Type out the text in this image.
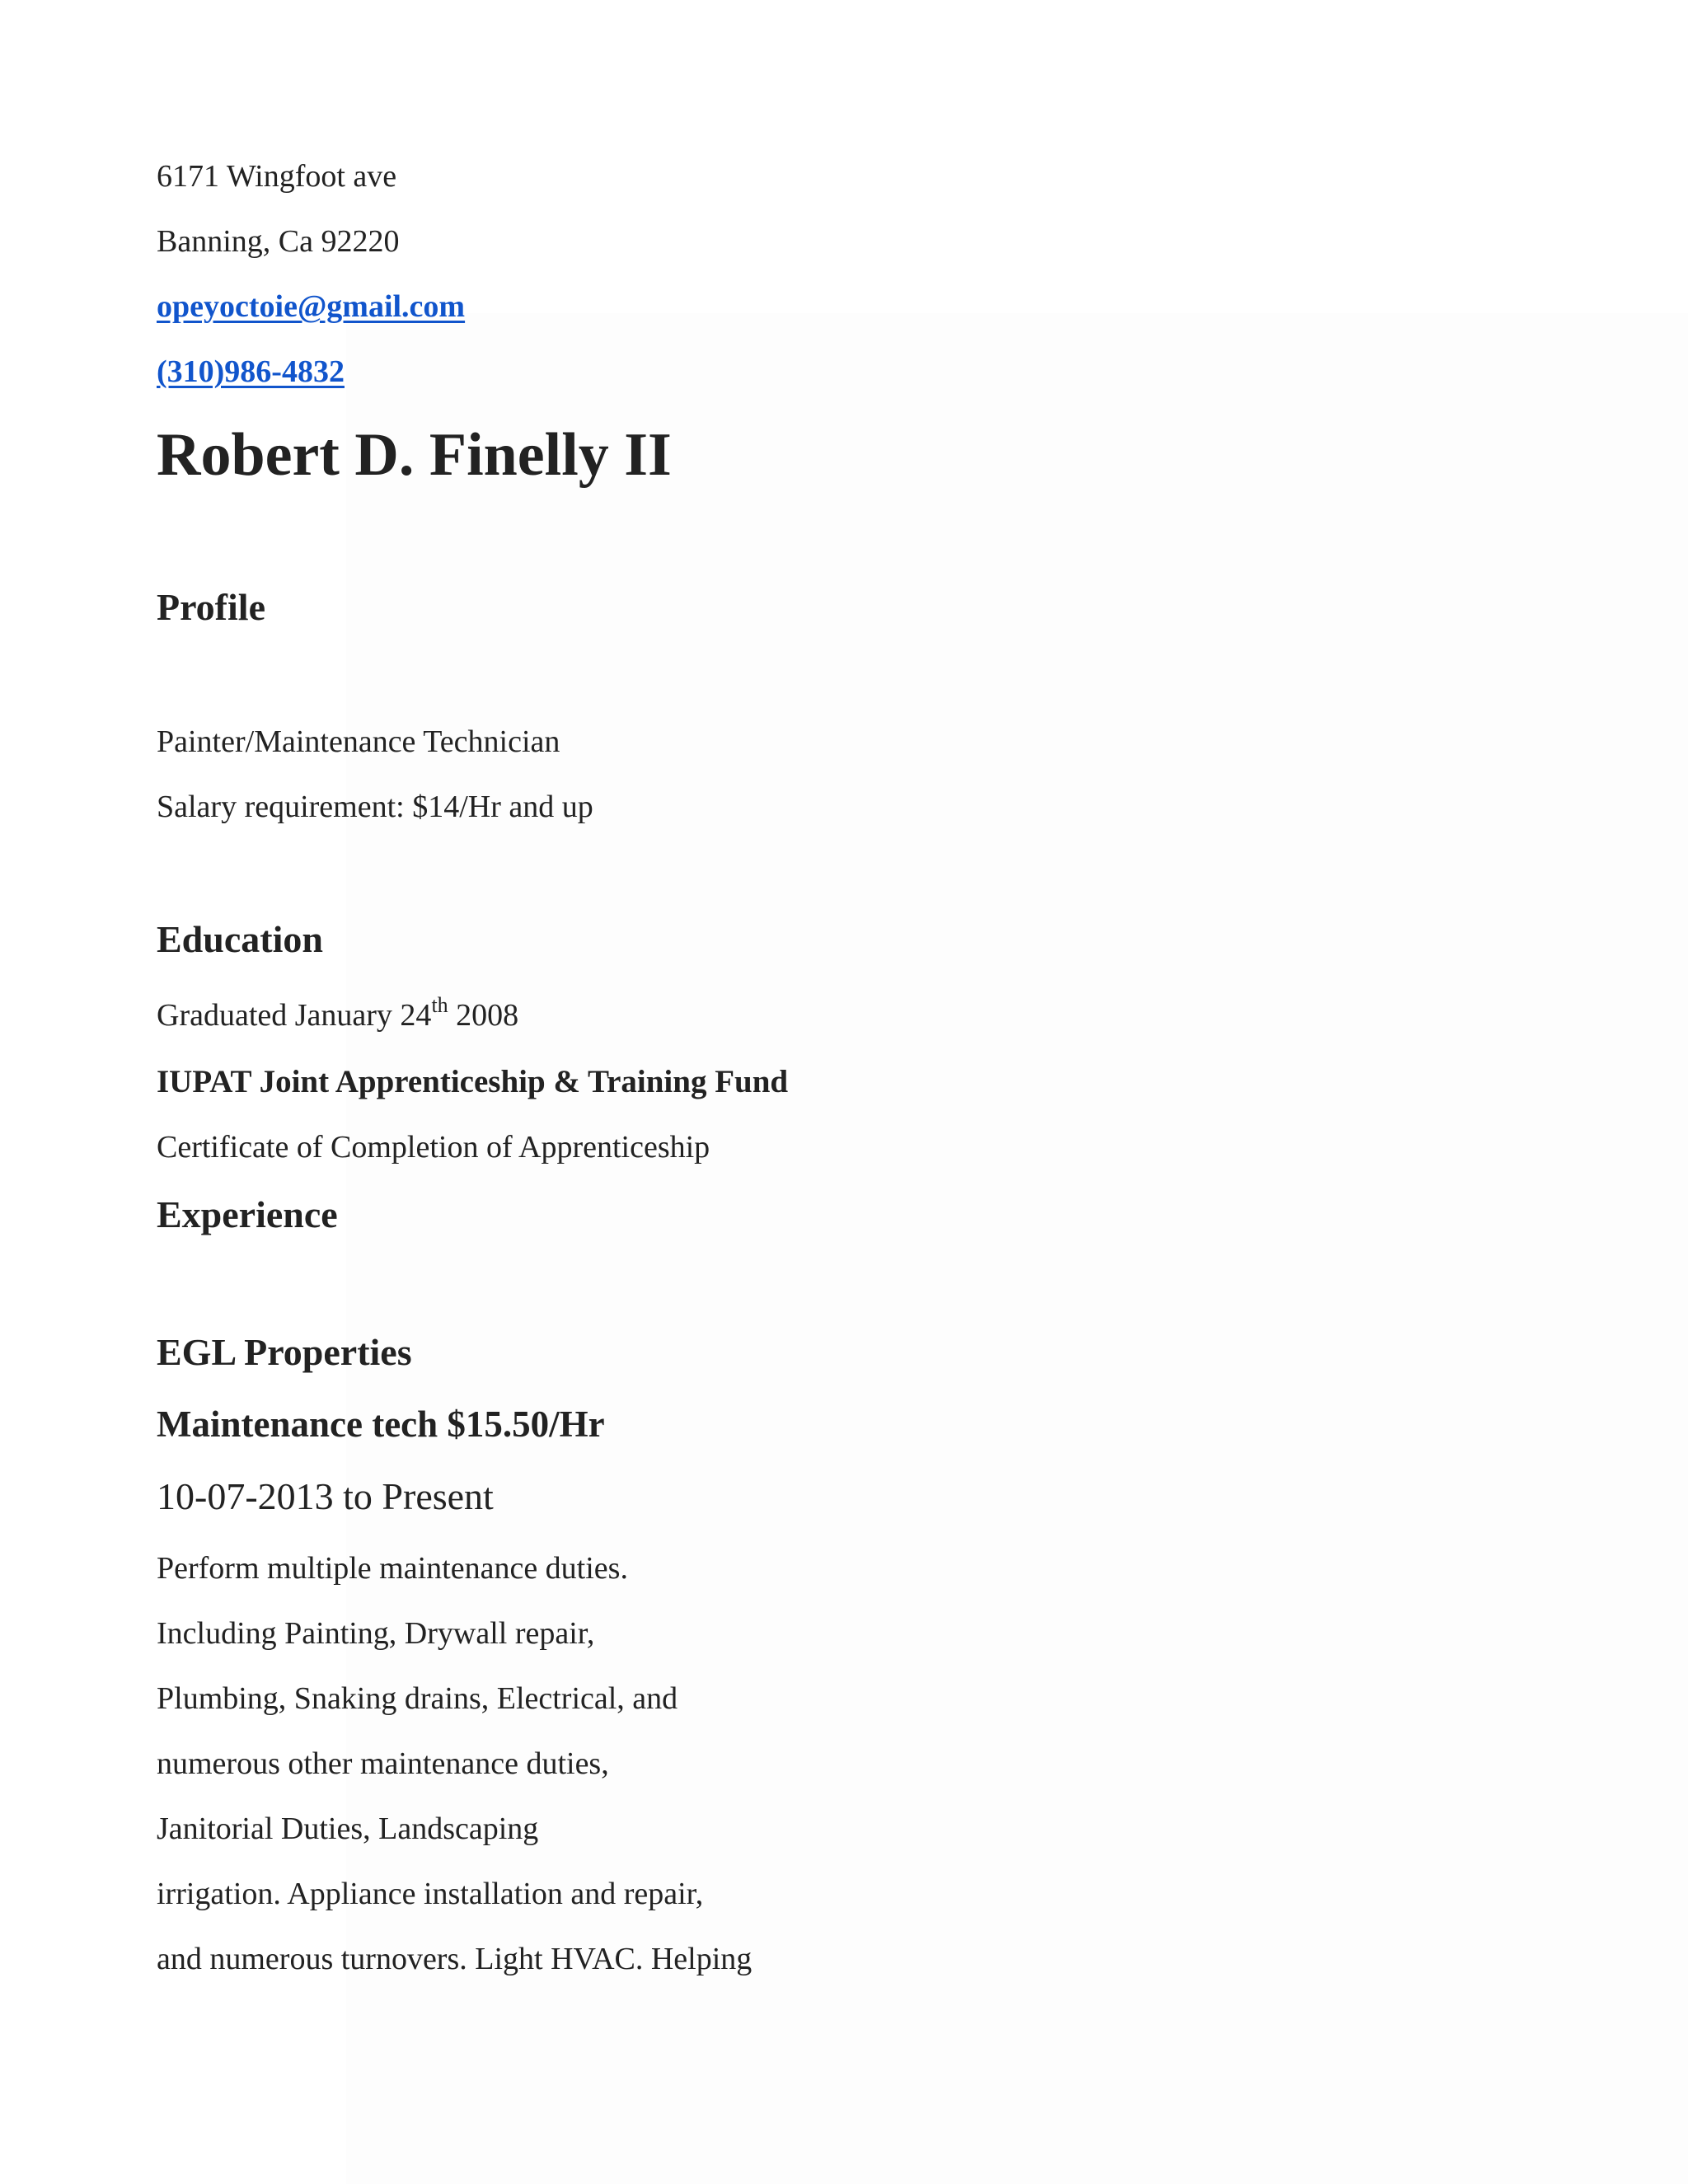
6171 Wingfoot ave
Banning, Ca 92220
opeyoctoie@gmail.com
(310)986-4832
Robert D. Finelly II
Profile
Painter/Maintenance Technician
Salary requirement: $14/Hr and up
Education
Graduated January 24th 2008
IUPAT Joint Apprenticeship & Training Fund
Certificate of Completion of Apprenticeship
Experience
EGL Properties
Maintenance tech $15.50/Hr
10-07-2013 to Present
Perform multiple maintenance duties.
Including Painting, Drywall repair,
Plumbing, Snaking drains, Electrical, and
numerous other maintenance duties,
Janitorial Duties, Landscaping
irrigation. Appliance installation and repair,
and numerous turnovers. Light HVAC. Helping
